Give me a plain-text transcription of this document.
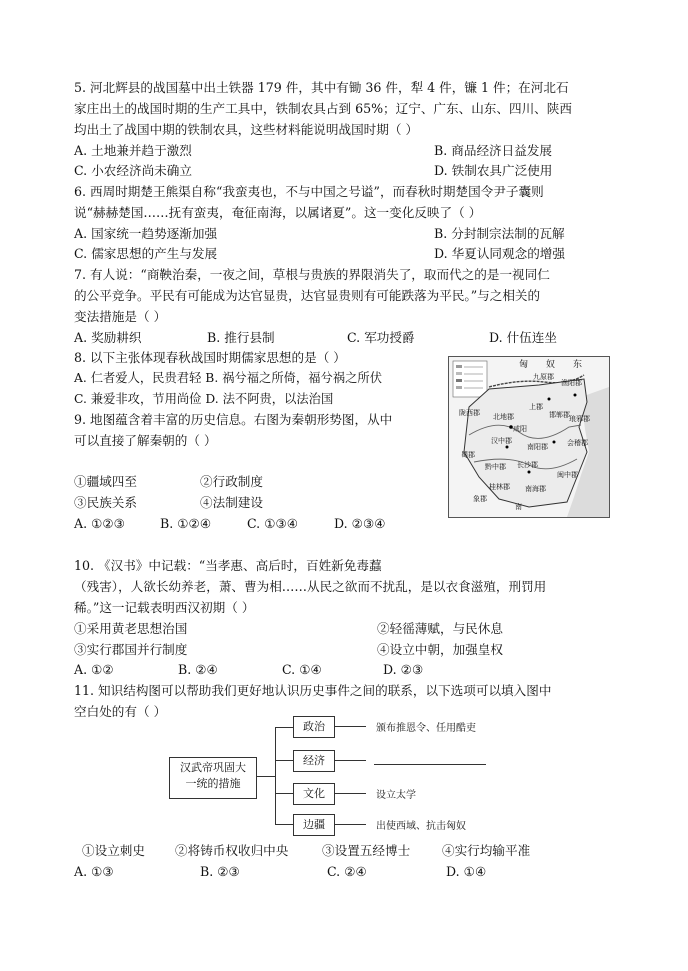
5. 河北辉县的战国墓中出土铁器 179 件，其中有锄 36 件，犁 4 件，镰 1 件；在河北石
家庄出土的战国时期的生产工具中，铁制农具占到 65%；辽宁、广东、山东、四川、陕西
均出土了战国中期的铁制农具，这些材料能说明战国时期（ ）
A. 土地兼并趋于激烈	B. 商品经济日益发展
C. 小农经济尚未确立	D. 铁制农具广泛使用
6. 西周时期楚王熊渠自称“我蛮夷也，不与中国之号谥”，而春秋时期楚国令尹子囊则
说“赫赫楚国……抚有蛮夷，奄征南海，以属诸夏”。这一变化反映了（ ）
A. 国家统一趋势逐渐加强	B. 分封制宗法制的瓦解
C. 儒家思想的产生与发展	D. 华夏认同观念的增强
7. 有人说：“商鞅治秦，一夜之间，草根与贵族的界限消失了，取而代之的是一视同仁
的公平竞争。平民有可能成为达官显贵，达官显贵则有可能跌落为平民。”与之相关的
变法措施是（ ）
A. 奖励耕织	B. 推行县制	C. 军功授爵	D. 什伍连坐
8. 以下主张体现春秋战国时期儒家思想的是（ ）
A. 仁者爱人，民贵君轻 B. 祸兮福之所倚，福兮祸之所伏
C. 兼爱非攻，节用尚俭 D. 法不阿贵，以法治国
9. 地图蕴含着丰富的历史信息。右图为秦朝形势图，从中
可以直接了解秦朝的（ ）
①疆域四至	②行政制度
③民族关系	④法制建设
A. ①②③	B. ①②④	C. ①③④	D. ②③④
匈　　奴　　东
九原郡
渔阳郡
陇西郡 北地郡
上郡
邯郸郡 琅邪郡
咸阳
汉中郡
蜀郡
南阳郡	会稽郡
长沙郡
黔中郡
闽中郡
桂林郡 南海郡
象郡
南
10. 《汉书》中记载：“当孝惠、高后时，百姓新免毒蠚
（残害），人欲长幼养老，萧、曹为相……从民之欲而不扰乱，是以衣食滋殖，刑罚用
稀。”这一记载表明西汉初期（ ）
①采用黄老思想治国	②轻徭薄赋，与民休息
③实行郡国并行制度	④设立中朝，加强皇权
A. ①②	B. ②④	C. ①④	D. ②③
11. 知识结构图可以帮助我们更好地认识历史事件之间的联系，以下选项可以填入图中
空白处的有（ ）
汉武帝巩固大
一统的措施
政治
经济
文化
边疆
颁布推恩令、任用酷吏
设立太学
出使西域、抗击匈奴
①设立刺史 ②将铸币权收归中央	③设置五经博士	④实行均输平准
A. ①③	B. ②③	C. ②④	D. ①④
